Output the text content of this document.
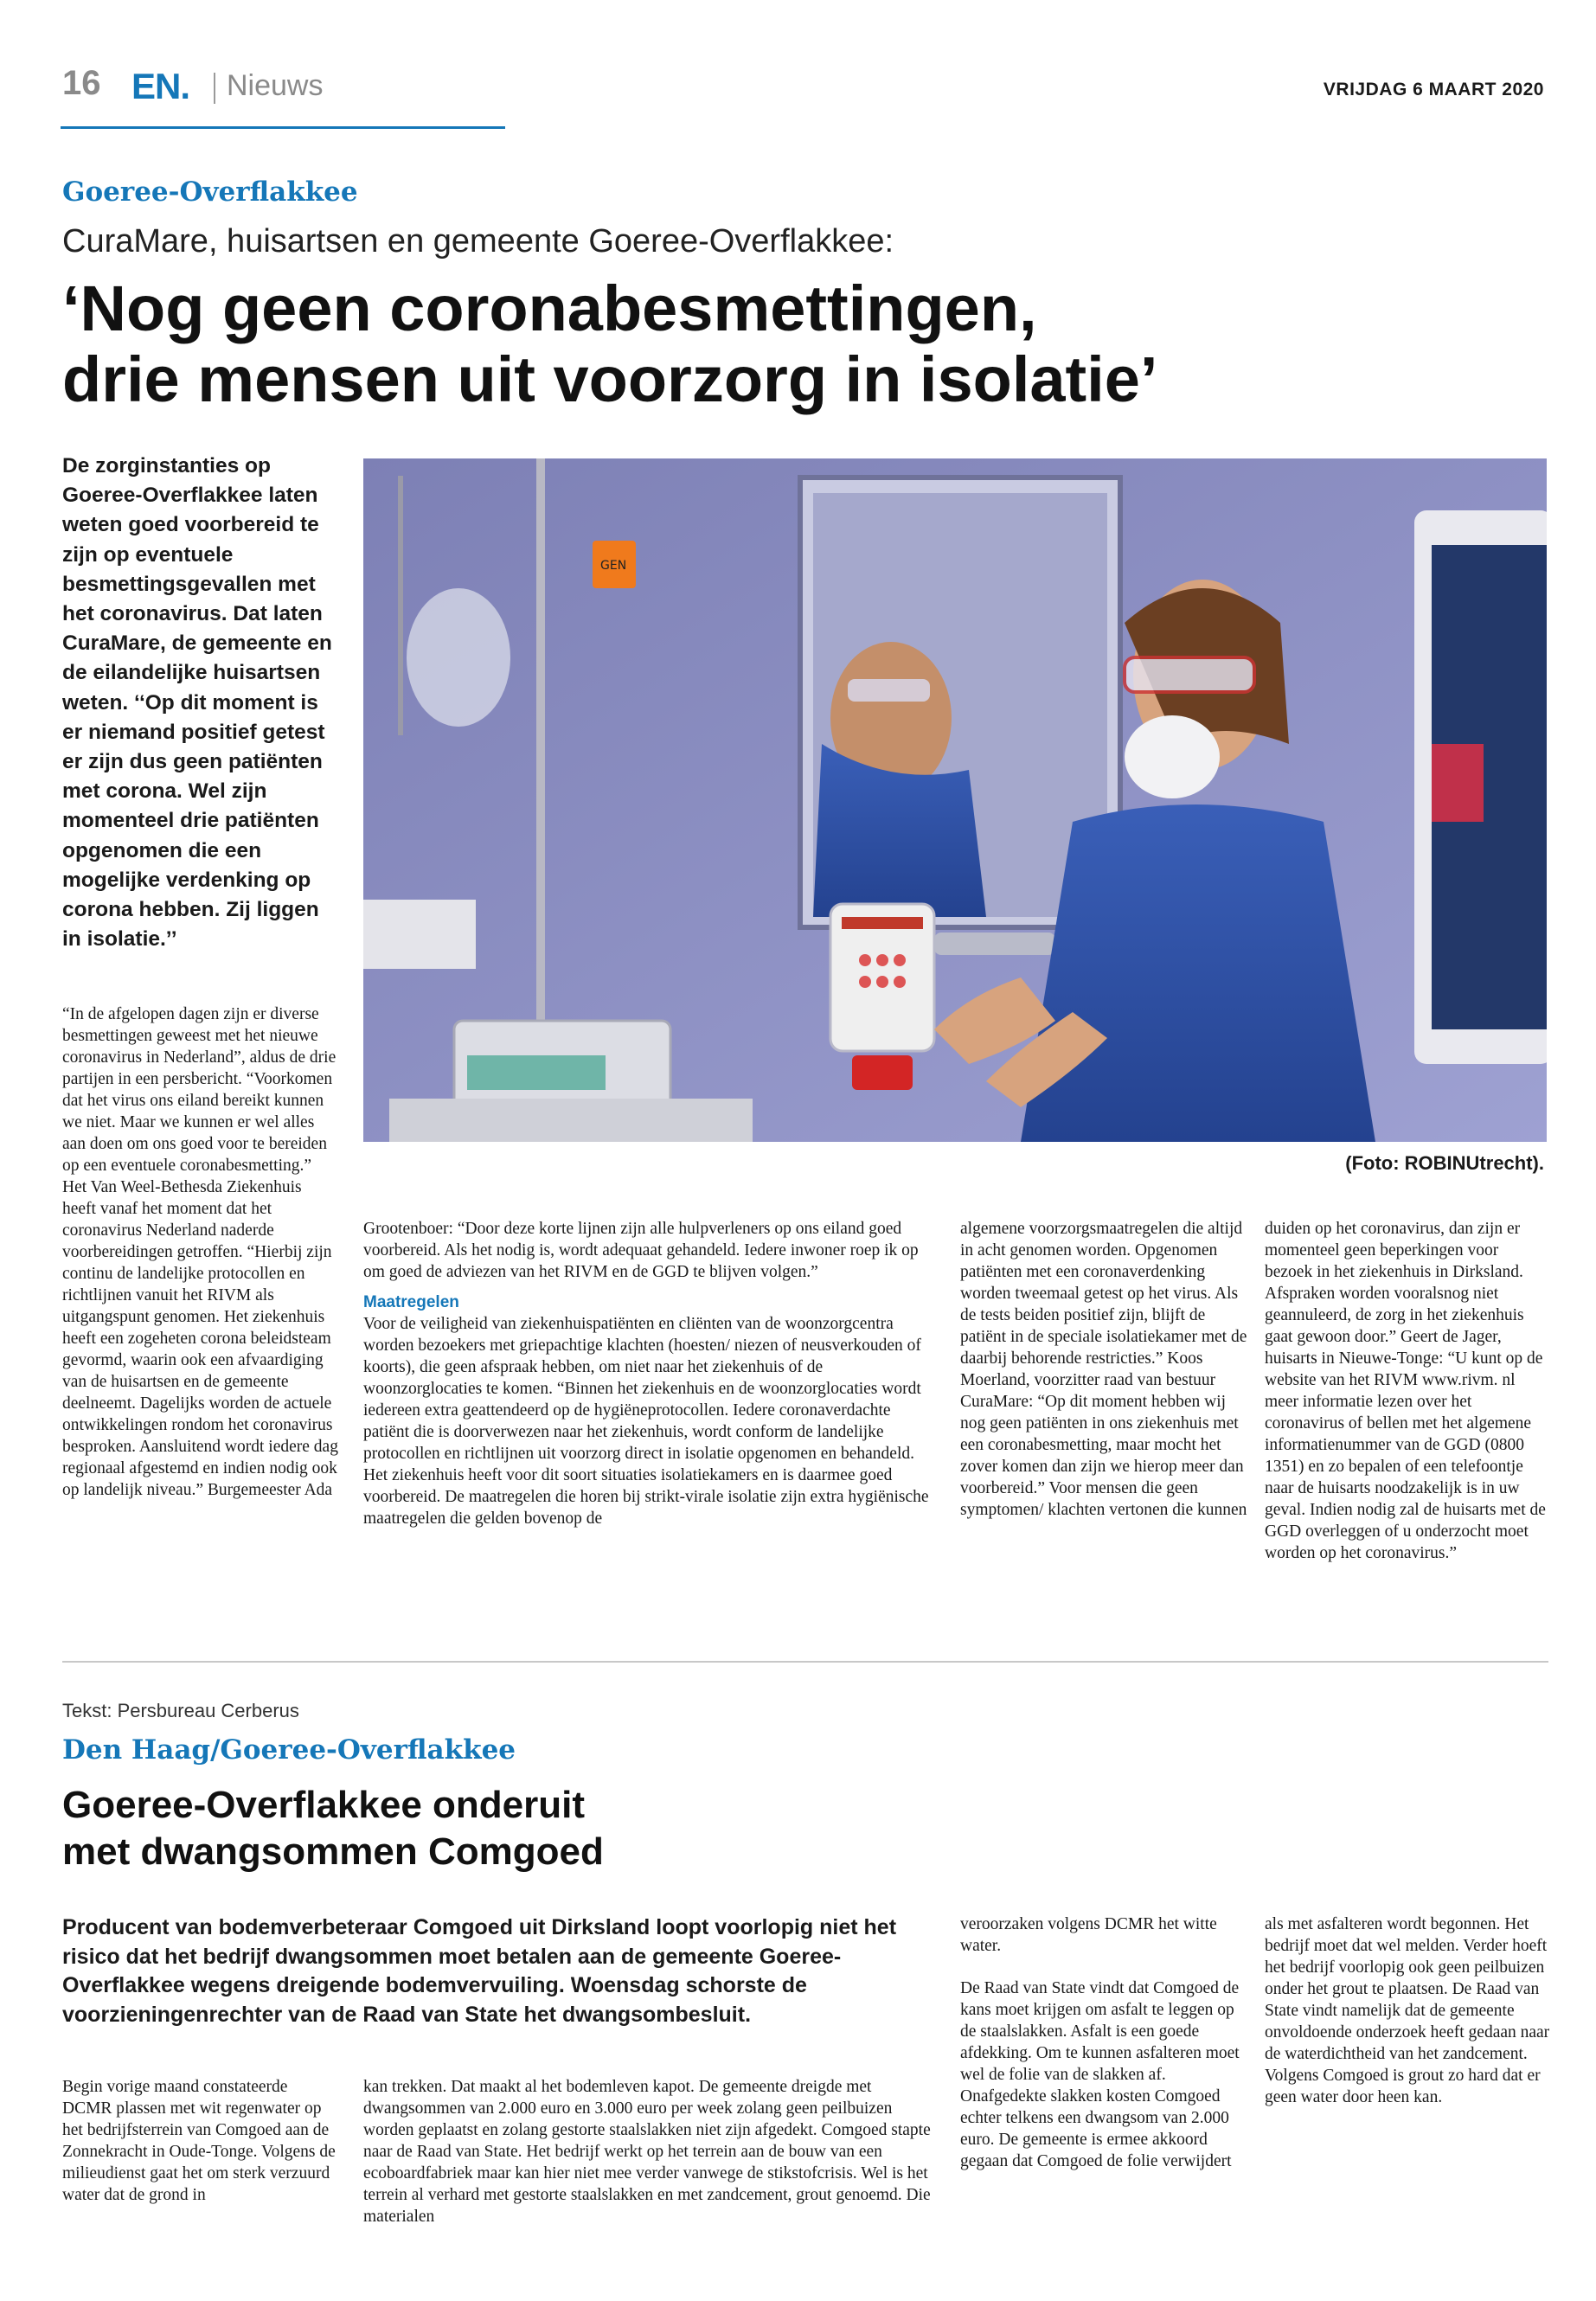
16 EN. Nieuws	VRIJDAG 6 MAART 2020
Goeree-Overflakkee
CuraMare, huisartsen en gemeente Goeree-Overflakkee:
‘Nog geen coronabesmettingen,
drie mensen uit voorzorg in isolatie’
De zorginstanties op Goeree-Overflakkee laten weten goed voorbereid te zijn op eventuele besmettingsgevallen met het coronavirus. Dat laten CuraMare, de gemeente en de eilandelijke huisartsen weten. ‘‘Op dit moment is er niemand positief getest er zijn dus geen patiënten met corona. Wel zijn momenteel drie patiënten opgenomen die een mogelijke verdenking op corona hebben. Zij liggen in isolatie.’’
GEN
(Foto: ROBINUtrecht).
“In de afgelopen dagen zijn er diverse besmettingen geweest met het nieuwe coronavirus in Nederland”, aldus de drie partijen in een persbericht. “Voorkomen dat het virus ons eiland bereikt kunnen we niet. Maar we kunnen er wel alles aan doen om ons goed voor te bereiden op een eventuele coronabesmetting.” Het Van Weel-Bethesda Ziekenhuis heeft vanaf het moment dat het coronavirus Nederland naderde voorbereidingen getroffen. “Hierbij zijn continu de landelijke protocollen en richtlijnen vanuit het RIVM als uitgangspunt genomen. Het ziekenhuis heeft een zogeheten corona beleidsteam gevormd, waarin ook een afvaardiging van de huisartsen en de gemeente deelneemt. Dagelijks worden de actuele ontwikkelingen rondom het coronavirus besproken. Aansluitend wordt iedere dag regionaal afgestemd en indien nodig ook op landelijk niveau.” Burgemeester Ada

Grootenboer: “Door deze korte lijnen zijn alle hulpverleners op ons eiland goed voorbereid. Als het nodig is, wordt adequaat gehandeld. Iedere inwoner roep ik op om goed de adviezen van het RIVM en de GGD te blijven volgen.”

Maatregelen

Voor de veiligheid van ziekenhuispatiënten en cliënten van de woonzorgcentra worden bezoekers met griepachtige klachten (hoesten/ niezen of neusverkouden of koorts), die geen afspraak hebben, om niet naar het ziekenhuis of de woonzorglocaties te komen. “Binnen het ziekenhuis en de woonzorglocaties wordt iedereen extra geattendeerd op de hygiëneprotocollen. Iedere coronaverdachte patiënt die is doorverwezen naar het ziekenhuis, wordt conform de landelijke protocollen en richtlijnen uit voorzorg direct in isolatie opgenomen en behandeld. Het ziekenhuis heeft voor dit soort situaties isolatiekamers en is daarmee goed voorbereid. De maatregelen die horen bij strikt-virale isolatie zijn extra hygiënische maatregelen die gelden bovenop de

algemene voorzorgsmaatregelen die altijd in acht genomen worden. Opgenomen patiënten met een coronaverdenking worden tweemaal getest op het virus. Als de tests beiden positief zijn, blijft de patiënt in de speciale isolatiekamer met de daarbij behorende restricties.” Koos Moerland, voorzitter raad van bestuur CuraMare: “Op dit moment hebben wij nog geen patiënten in ons ziekenhuis met een coronabesmetting, maar mocht het zover komen dan zijn we hierop meer dan voorbereid.” Voor mensen die geen symptomen/ klachten vertonen die kunnen
duiden op het coronavirus, dan zijn er momenteel geen beperkingen voor bezoek in het ziekenhuis in Dirksland. Afspraken worden vooralsnog niet geannuleerd, de zorg in het ziekenhuis gaat gewoon door.” Geert de Jager, huisarts in Nieuwe-Tonge: “U kunt op de website van het RIVM www.rivm. nl meer informatie lezen over het coronavirus of bellen met het algemene informatienummer van de GGD (0800 1351) en zo bepalen of een telefoontje naar de huisarts noodzakelijk is in uw geval. Indien nodig zal de huisarts met de GGD overleggen of u onderzocht moet worden op het coronavirus.”
Tekst: Persbureau Cerberus
Den Haag/Goeree-Overflakkee
Goeree-Overflakkee onderuit
met dwangsommen Comgoed
Producent van bodemverbeteraar Comgoed uit Dirksland loopt voorlopig niet het risico dat het bedrijf dwangsommen moet betalen aan de gemeente Goeree-Overflakkee wegens dreigende bodemvervuiling. Woensdag schorste de voorzieningenrechter van de Raad van State het dwangsombesluit.
Begin vorige maand constateerde DCMR plassen met wit regenwater op het bedrijfsterrein van Comgoed aan de Zonnekracht in Oude-Tonge. Volgens de milieudienst gaat het om sterk verzuurd water dat de grond in
kan trekken. Dat maakt al het bodemleven kapot. De gemeente dreigde met dwangsommen van 2.000 euro en 3.000 euro per week zolang geen peilbuizen worden geplaatst en zolang gestorte staalslakken niet zijn afgedekt. Comgoed stapte naar de Raad van State. Het bedrijf werkt op het terrein aan de bouw van een ecoboardfabriek maar kan hier niet mee verder vanwege de stikstofcrisis. Wel is het terrein al verhard met gestorte staalslakken en met zandcement, grout genoemd. Die materialen

veroorzaken volgens DCMR het witte water.

De Raad van State vindt dat Comgoed de kans moet krijgen om asfalt te leggen op de staalslakken. Asfalt is een goede afdekking. Om te kunnen asfalteren moet wel de folie van de slakken af. Onafgedekte slakken kosten Comgoed echter telkens een dwangsom van 2.000 euro. De gemeente is ermee akkoord gegaan dat Comgoed de folie verwijdert

als met asfalteren wordt begonnen. Het bedrijf moet dat wel melden. Verder hoeft het bedrijf voorlopig ook geen peilbuizen onder het grout te plaatsen. De Raad van State vindt namelijk dat de gemeente onvoldoende onderzoek heeft gedaan naar de waterdichtheid van het zandcement. Volgens Comgoed is grout zo hard dat er geen water door heen kan.
